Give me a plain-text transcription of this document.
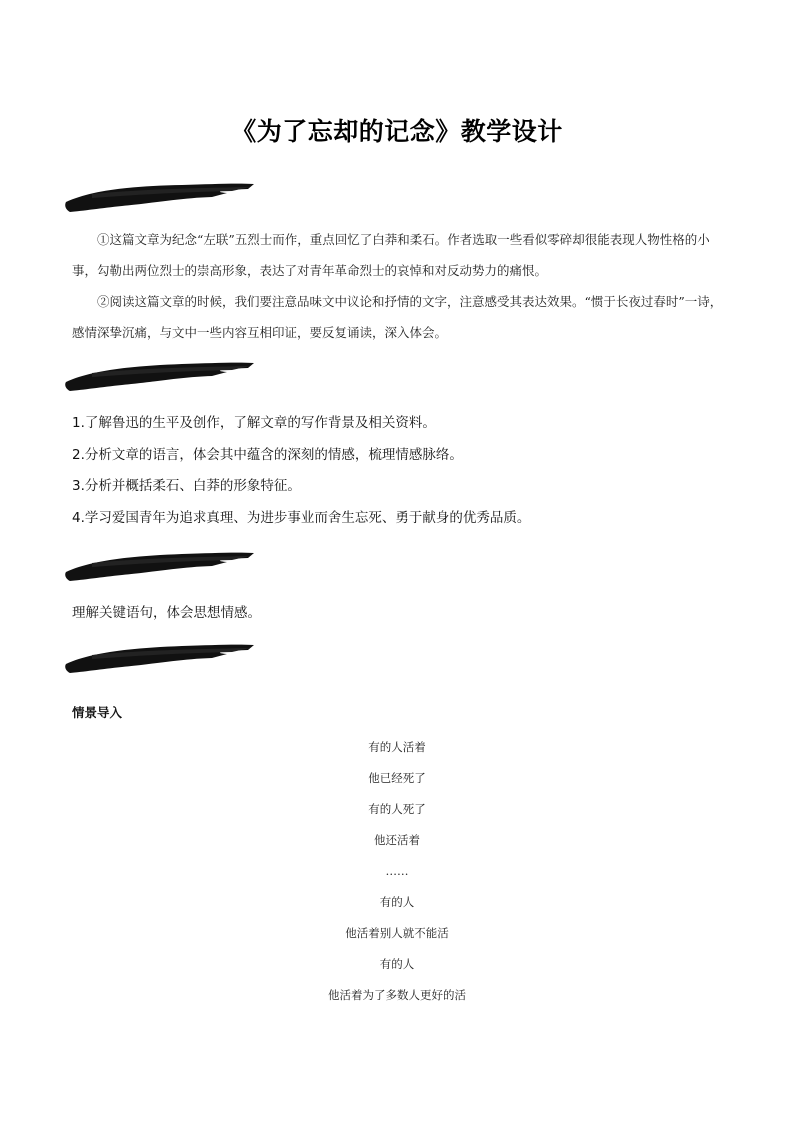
《为了忘却的记念》教学设计

①这篇文章为纪念“左联”五烈士而作，重点回忆了白莽和柔石。作者选取一些看似零碎却很能表现人物性格的小事，勾勒出两位烈士的崇高形象，表达了对青年革命烈士的哀悼和对反动势力的痛恨。

②阅读这篇文章的时候，我们要注意品味文中议论和抒情的文字，注意感受其表达效果。“惯于长夜过春时”一诗，感情深挚沉痛，与文中一些内容互相印证，要反复诵读，深入体会。

1.了解鲁迅的生平及创作，了解文章的写作背景及相关资料。
2.分析文章的语言，体会其中蕴含的深刻的情感，梳理情感脉络。
3.分析并概括柔石、白莽的形象特征。
4.学习爱国青年为追求真理、为进步事业而舍生忘死、勇于献身的优秀品质。
理解关键语句，体会思想情感。
情景导入
有的人活着
他已经死了
有的人死了
他还活着
……
有的人
他活着别人就不能活
有的人
他活着为了多数人更好的活
